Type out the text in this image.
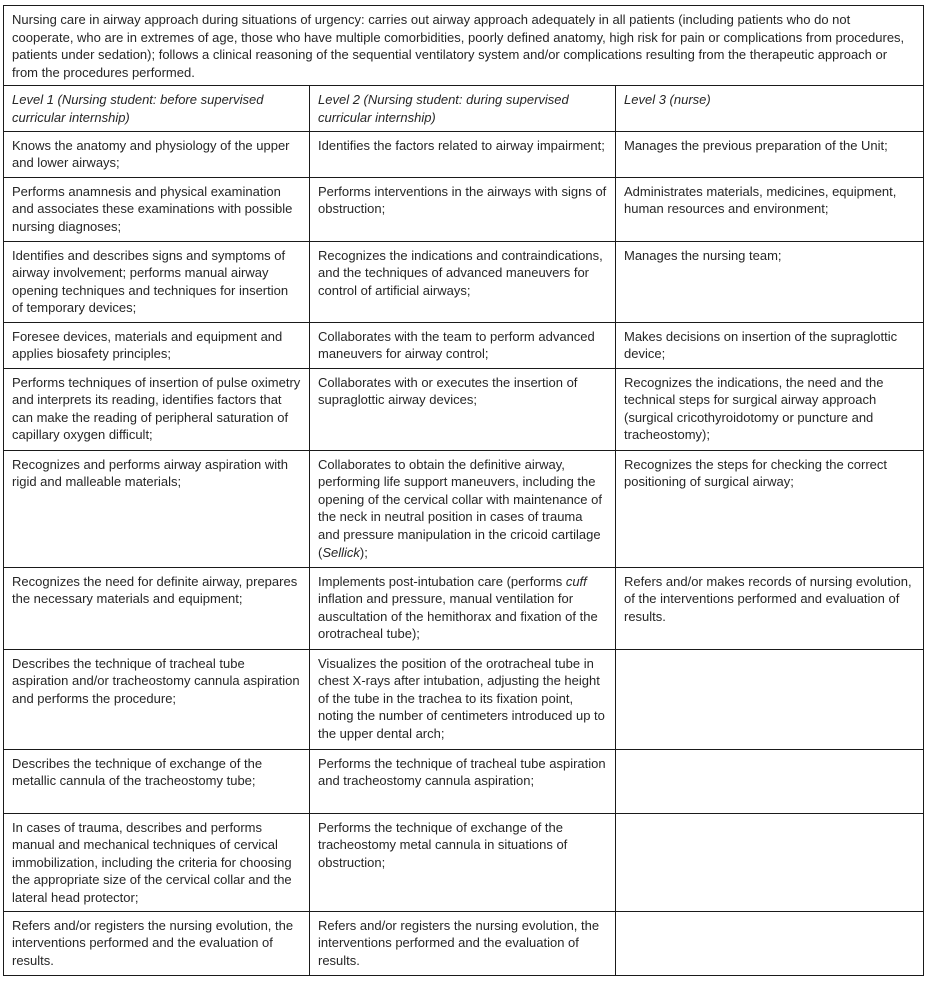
Nursing care in airway approach during situations of urgency: carries out airway approach adequately in all patients (including patients who do not cooperate, who are in extremes of age, those who have multiple comorbidities, poorly defined anatomy, high risk for pain or complications from procedures, patients under sedation); follows a clinical reasoning of the sequential ventilatory system and/or complications resulting from the therapeutic approach or from the procedures performed.		
Level 1 (Nursing student: before supervised curricular internship)	Level 2 (Nursing student: during supervised curricular internship)	Level 3 (nurse)
Knows the anatomy and physiology of the upper and lower airways;	Identifies the factors related to airway impairment;	Manages the previous preparation of the Unit;
Performs anamnesis and physical examination and associates these examinations with possible nursing diagnoses;	Performs interventions in the airways with signs of obstruction;	Administrates materials, medicines, equipment, human resources and environment;
Identifies and describes signs and symptoms of airway involvement; performs manual airway opening techniques and techniques for insertion of temporary devices;	Recognizes the indications and contraindications, and the techniques of advanced maneuvers for control of artificial airways;	Manages the nursing team;
Foresee devices, materials and equipment and applies biosafety principles;	Collaborates with the team to perform advanced maneuvers for airway control;	Makes decisions on insertion of the supraglottic device;
Performs techniques of insertion of pulse oximetry and interprets its reading, identifies factors that can make the reading of peripheral saturation of capillary oxygen difficult;	Collaborates with or executes the insertion of supraglottic airway devices;	Recognizes the indications, the need and the technical steps for surgical airway approach (surgical cricothyroidotomy or puncture and tracheostomy);
Recognizes and performs airway aspiration with rigid and malleable materials;	Collaborates to obtain the definitive airway, performing life support maneuvers, including the opening of the cervical collar with maintenance of the neck in neutral position in cases of trauma and pressure manipulation in the cricoid cartilage (Sellick);	Recognizes the steps for checking the correct positioning of surgical airway;
Recognizes the need for definite airway, prepares the necessary materials and equipment;	Implements post-intubation care (performs cuff inflation and pressure, manual ventilation for auscultation of the hemithorax and fixation of the orotracheal tube);	Refers and/or makes records of nursing evolution, of the interventions performed and evaluation of results.
Describes the technique of tracheal tube aspiration and/or tracheostomy cannula aspiration and performs the procedure;	Visualizes the position of the orotracheal tube in chest X-rays after intubation, adjusting the height of the tube in the trachea to its fixation point, noting the number of centimeters introduced up to the upper dental arch;	
Describes the technique of exchange of the metallic cannula of the tracheostomy tube;	Performs the technique of tracheal tube aspiration and tracheostomy cannula aspiration;	
In cases of trauma, describes and performs manual and mechanical techniques of cervical immobilization, including the criteria for choosing the appropriate size of the cervical collar and the lateral head protector;	Performs the technique of exchange of the tracheostomy metal cannula in situations of obstruction;	
Refers and/or registers the nursing evolution, the interventions performed and the evaluation of results.	Refers and/or registers the nursing evolution, the interventions performed and the evaluation of results.	
